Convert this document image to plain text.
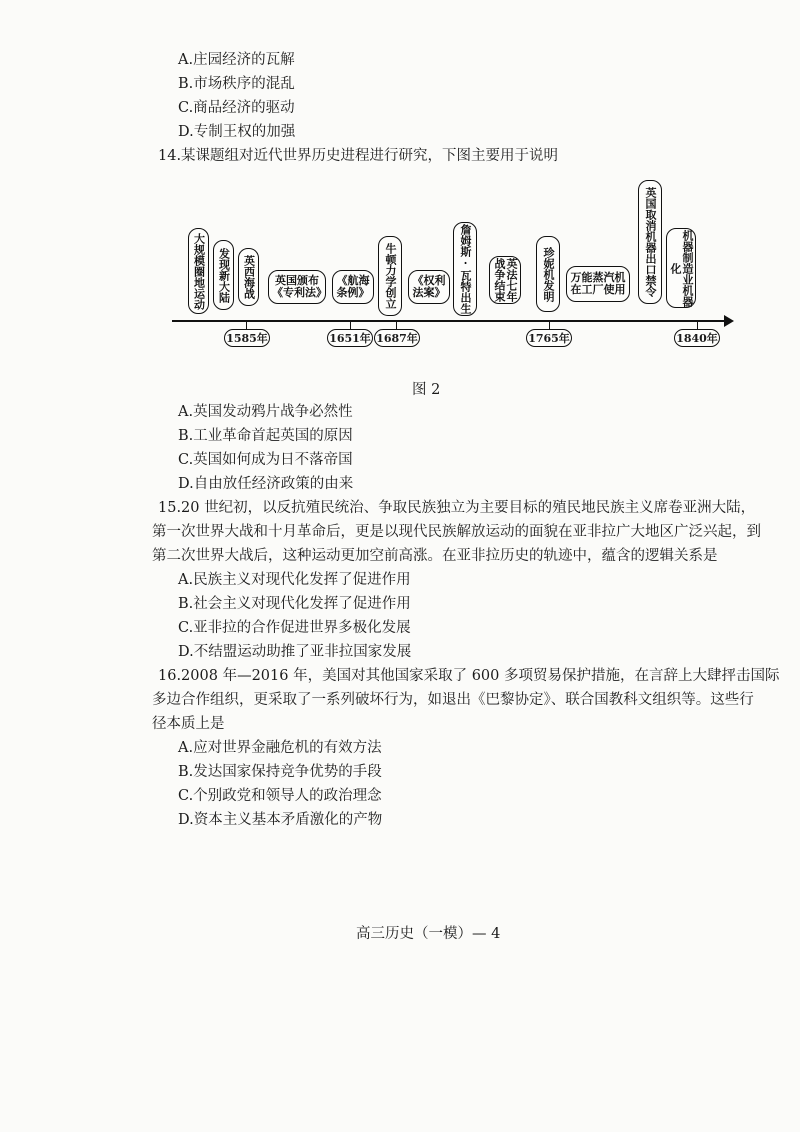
A.庄园经济的瓦解
B.市场秩序的混乱
C.商品经济的驱动
D.专制王权的加强
14.某课题组对近代世界历史进程进行研究，下图主要用于说明
大规模圈地运动	发现新大陆	英西海战	英国颁布《专利法》
《航海条例》	牛顿力学创立	《权利法案》	詹姆斯·瓦特出生	英法七年战争结束	珍妮机发明	万能蒸汽机在工厂使用	英国取消机器出口禁令	机器制造业机器化
1585年	1651年 1687年	1765年	1840年
图 2
A.英国发动鸦片战争必然性
B.工业革命首起英国的原因
C.英国如何成为日不落帝国
D.自由放任经济政策的由来
15.20 世纪初，以反抗殖民统治、争取民族独立为主要目标的殖民地民族主义席卷亚洲大陆，
第一次世界大战和十月革命后，更是以现代民族解放运动的面貌在亚非拉广大地区广泛兴起，到
第二次世界大战后，这种运动更加空前高涨。在亚非拉历史的轨迹中，蕴含的逻辑关系是
A.民族主义对现代化发挥了促进作用
B.社会主义对现代化发挥了促进作用
C.亚非拉的合作促进世界多极化发展
D.不结盟运动助推了亚非拉国家发展
16.2008 年—2016 年，美国对其他国家采取了 600 多项贸易保护措施，在言辞上大肆抨击国际
多边合作组织，更采取了一系列破坏行为，如退出《巴黎协定》、联合国教科文组织等。这些行
径本质上是
A.应对世界金融危机的有效方法
B.发达国家保持竞争优势的手段
C.个别政党和领导人的政治理念
D.资本主义基本矛盾激化的产物
高三历史（一模）— 4
